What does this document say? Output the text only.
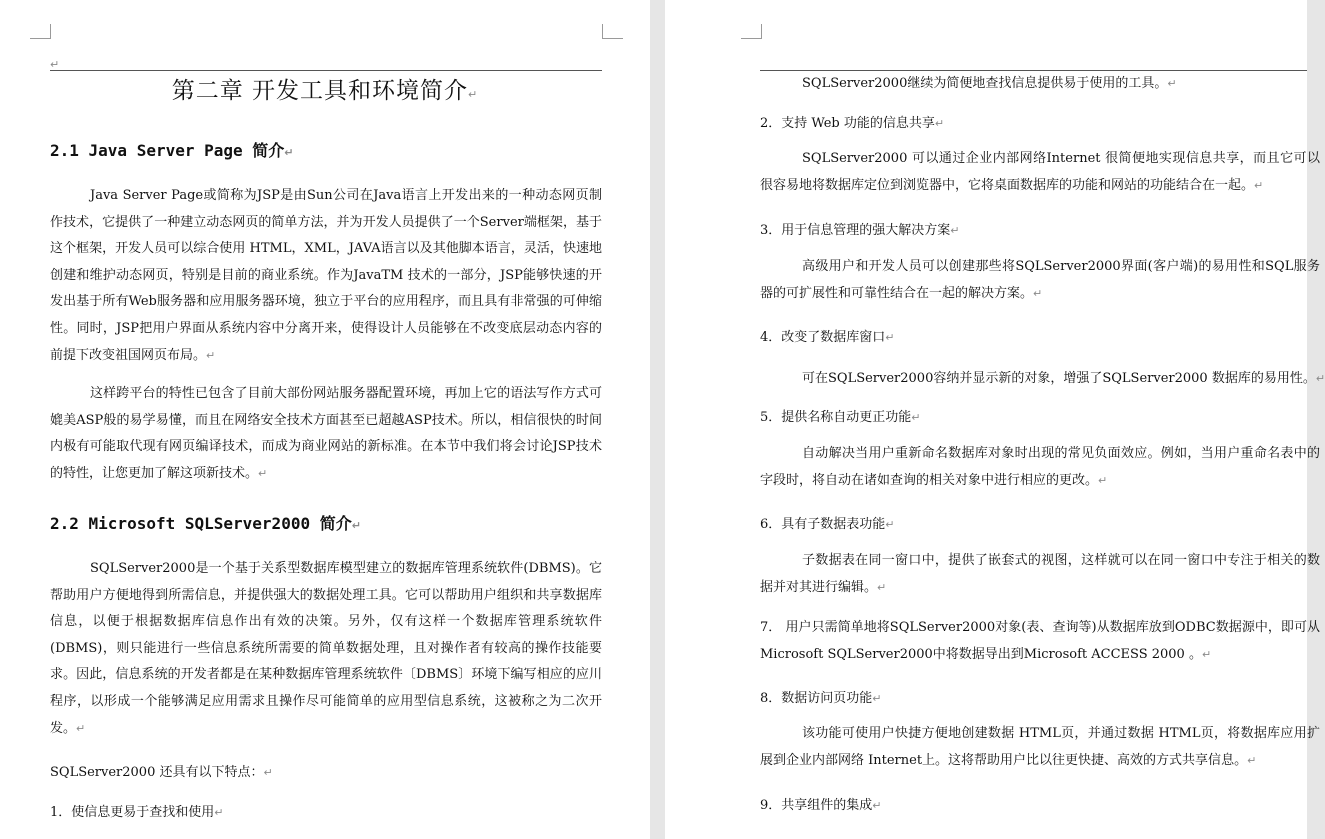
↵
第二章 开发工具和环境简介↵
2.1 Java Server Page 简介↵

Java Server Page或简称为JSP是由Sun公司在Java语言上开发出来的一种动态网页制作技术，它提供了一种建立动态网页的简单方法，并为开发人员提供了一个Server端框架，基于这个框架，开发人员可以综合使用 HTML，XML，JAVA语言以及其他脚本语言，灵活，快速地创建和维护动态网页，特别是目前的商业系统。作为JavaTM 技术的一部分，JSP能够快速的开发出基于所有Web服务器和应用服务器环境，独立于平台的应用程序，而且具有非常强的可伸缩性。同时，JSP把用户界面从系统内容中分离开来，使得设计人员能够在不改变底层动态内容的前提下改变祖国网页布局。↵

这样跨平台的特性已包含了目前大部份网站服务器配置环境，再加上它的语法写作方式可媲美ASP般的易学易懂，而且在网络安全技术方面甚至已超越ASP技术。所以，相信很快的时间内极有可能取代现有网页编译技术，而成为商业网站的新标准。在本节中我们将会讨论JSP技术的特性，让您更加了解这项新技术。↵

2.2 Microsoft SQLServer2000 简介↵

SQLServer2000是一个基于关系型数据库模型建立的数据库管理系统软件(DBMS)。它帮助用户方便地得到所需信息，并提供强大的数据处理工具。它可以帮助用户组织和共享数据库信息，以便于根据数据库信息作出有效的决策。另外，仅有这样一个数据库管理系统软件(DBMS)，则只能进行一些信息系统所需要的简单数据处理，且对操作者有较高的操作技能要求。因此，信息系统的开发者都是在某种数据库管理系统软件〔DBMS〕环境下编写相应的应川程序，以形成一个能够满足应用需求且操作尽可能简单的应用型信息系统，这被称之为二次开发。↵

SQLServer2000 还具有以下特点：↵
1．使信息更易于查找和使用↵
SQLServer2000继续为简便地查找信息提供易于使用的工具。↵
2．支持 Web 功能的信息共享↵

SQLServer2000 可以通过企业内部网络Internet 很简便地实现信息共享，而且它可以很容易地将数据库定位到浏览器中，它将桌面数据库的功能和网站的功能结合在一起。↵

3．用于信息管理的强大解决方案↵

高级用户和开发人员可以创建那些将SQLServer2000界面(客户端)的易用性和SQL服务器的可扩展性和可靠性结合在一起的解决方案。↵

4．改变了数据库窗口↵
可在SQLServer2000容纳并显示新的对象，增强了SQLServer2000 数据库的易用性。↵
5．提供名称自动更正功能↵

自动解决当用户重新命名数据库对象时出现的常见负面效应。例如，当用户重命名表中的字段时，将自动在诸如查询的相关对象中进行相应的更改。↵

6．具有子数据表功能↵

子数据表在同一窗口中，提供了嵌套式的视图，这样就可以在同一窗口中专注于相关的数据并对其进行编辑。↵

7． 用户只需简单地将SQLServer2000对象(表、查询等)从数据库放到ODBC数据源中，即可从Microsoft SQLServer2000中将数据导出到Microsoft ACCESS 2000 。↵

8．数据访问页功能↵

该功能可使用户快捷方便地创建数据 HTML页，并通过数据 HTML页，将数据库应用扩展到企业内部网络 Internet上。这将帮助用户比以往更快捷、高效的方式共享信息。↵

9．共享组件的集成↵
